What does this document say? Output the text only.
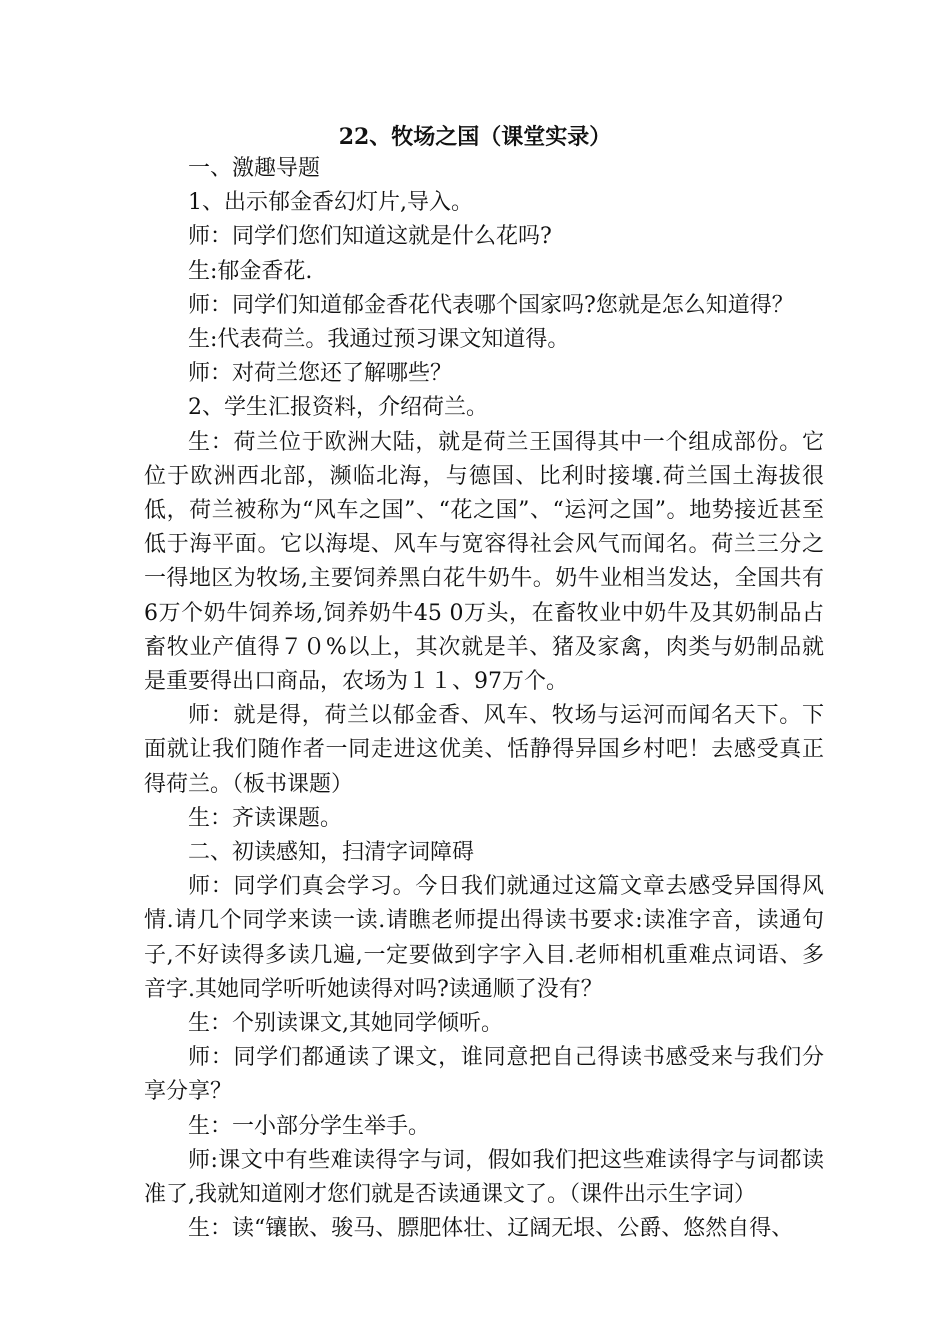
22、牧场之国（课堂实录）

一、激趣导题

1、出示郁金香幻灯片,导入。

师：同学们您们知道这就是什么花吗?

生:郁金香花.

师：同学们知道郁金香花代表哪个国家吗?您就是怎么知道得？

生:代表荷兰。我通过预习课文知道得。

师：对荷兰您还了解哪些？

2、学生汇报资料，介绍荷兰。

生：荷兰位于欧洲大陆，就是荷兰王国得其中一个组成部份。它位于欧洲西北部，濒临北海，与德国、比利时接壤.荷兰国土海拔很低，荷兰被称为“风车之国”、“花之国”、“运河之国”。地势接近甚至低于海平面。它以海堤、风车与宽容得社会风气而闻名。荷兰三分之一得地区为牧场,主要饲养黑白花牛奶牛。奶牛业相当发达，全国共有6万个奶牛饲养场,饲养奶牛45 0万头，在畜牧业中奶牛及其奶制品占畜牧业产值得７０%以上，其次就是羊、猪及家禽，肉类与奶制品就是重要得出口商品，农场为１１、97万个。

师：就是得，荷兰以郁金香、风车、牧场与运河而闻名天下。下面就让我们随作者一同走进这优美、恬静得异国乡村吧！去感受真正得荷兰。（板书课题）

生：齐读课题。

二、初读感知，扫清字词障碍

师：同学们真会学习。今日我们就通过这篇文章去感受异国得风情.请几个同学来读一读.请瞧老师提出得读书要求:读准字音，读通句子,不好读得多读几遍,一定要做到字字入目.老师相机重难点词语、多音字.其她同学听听她读得对吗?读通顺了没有？

生：个别读课文,其她同学倾听。

师：同学们都通读了课文，谁同意把自己得读书感受来与我们分享分享？

生：一小部分学生举手。

师:课文中有些难读得字与词，假如我们把这些难读得字与词都读准了,我就知道刚才您们就是否读通课文了。（课件出示生字词）

生：读“镶嵌、骏马、膘肥体壮、辽阔无垠、公爵、悠然自得、
